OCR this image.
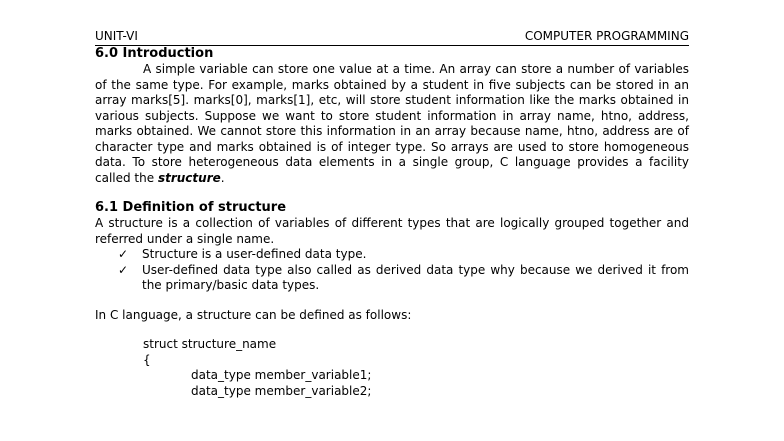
UNIT-VI	COMPUTER PROGRAMMING
6.0 Introduction

A simple variable can store one value at a time. An array can store a number of variables of the same type. For example, marks obtained by a student in five subjects can be stored in an array marks[5]. marks[0], marks[1], etc, will store student information like the marks obtained in various subjects. Suppose we want to store student information in array name, htno, address, marks obtained. We cannot store this information in an array because name, htno, address are of character type and marks obtained is of integer type. So arrays are used to store homogeneous data. To store heterogeneous data elements in a single group, C language provides a facility called the structure.

6.1 Definition of structure

A structure is a collection of variables of different types that are logically grouped together and referred under a single name.

✓	Structure is a user-defined data type.
✓	User-defined data type also called as derived data type why because we derived it from the primary/basic data types.

In C language, a structure can be defined as follows:

struct structure_name
{
data_type member_variable1;
data_type member_variable2;
